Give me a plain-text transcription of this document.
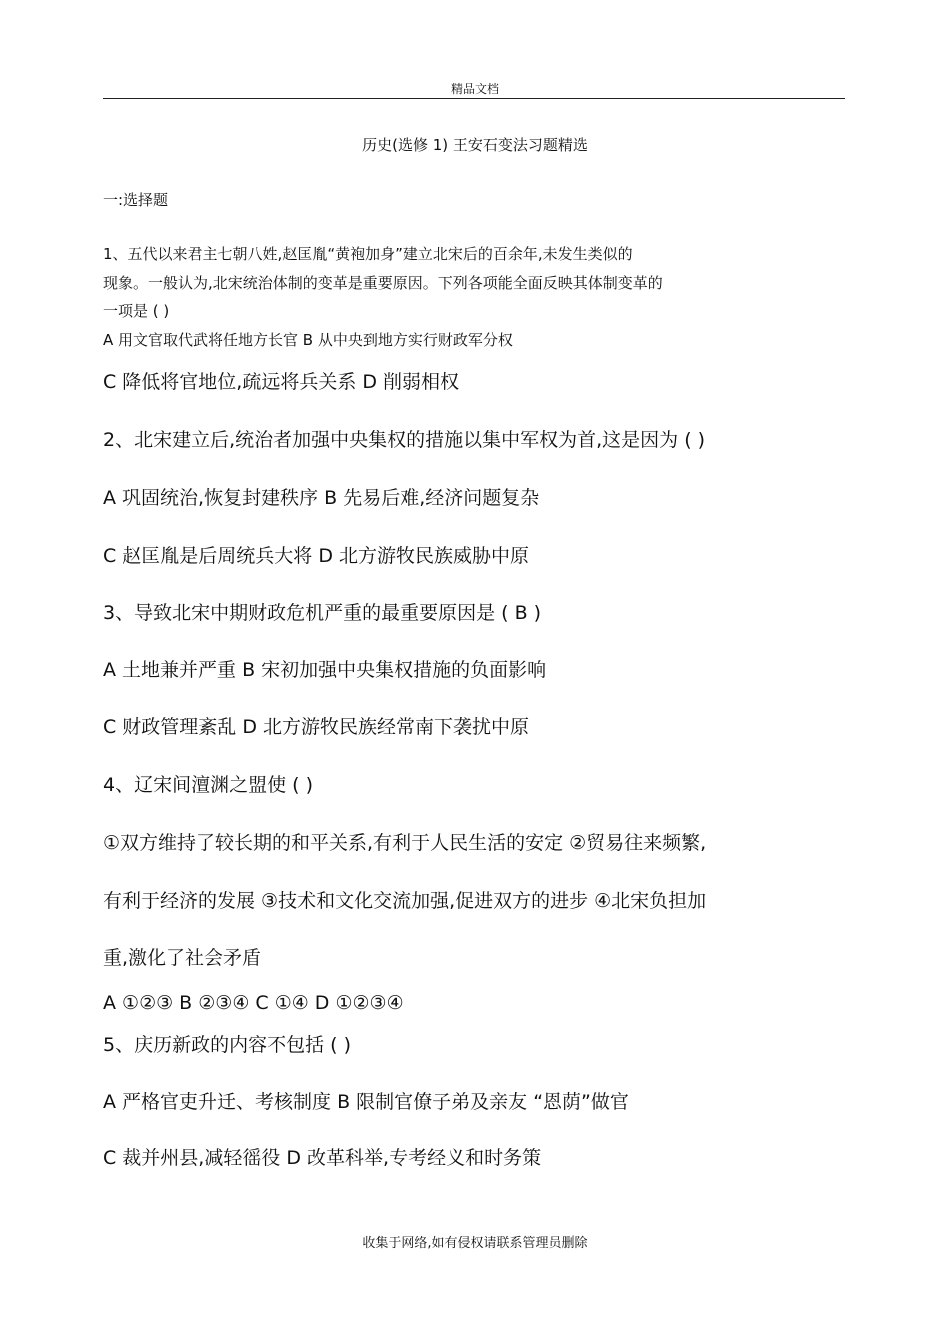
精品文档
历史(选修 1) 王安石变法习题精选
一:选择题
1、五代以来君主七朝八姓,赵匡胤“黄袍加身”建立北宋后的百余年,未发生类似的
现象。一般认为,北宋统治体制的变革是重要原因。下列各项能全面反映其体制变革的
一项是 ( )
A 用文官取代武将任地方长官 B 从中央到地方实行财政军分权
C 降低将官地位,疏远将兵关系 D 削弱相权
2、北宋建立后,统治者加强中央集权的措施以集中军权为首,这是因为 ( )
A 巩固统治,恢复封建秩序 B 先易后难,经济问题复杂
C 赵匡胤是后周统兵大将 D 北方游牧民族威胁中原
3、导致北宋中期财政危机严重的最重要原因是 ( B )
A 土地兼并严重 B 宋初加强中央集权措施的负面影响
C 财政管理紊乱 D 北方游牧民族经常南下袭扰中原
4、辽宋间澶渊之盟使 ( )
①双方维持了较长期的和平关系,有利于人民生活的安定 ②贸易往来频繁,
有利于经济的发展 ③技术和文化交流加强,促进双方的进步 ④北宋负担加
重,激化了社会矛盾
A ①②③ B ②③④ C ①④ D ①②③④
5、庆历新政的内容不包括 ( )
A 严格官吏升迁、考核制度 B 限制官僚子弟及亲友 “恩荫”做官
C 裁并州县,减轻徭役 D 改革科举,专考经义和时务策
收集于网络,如有侵权请联系管理员删除
